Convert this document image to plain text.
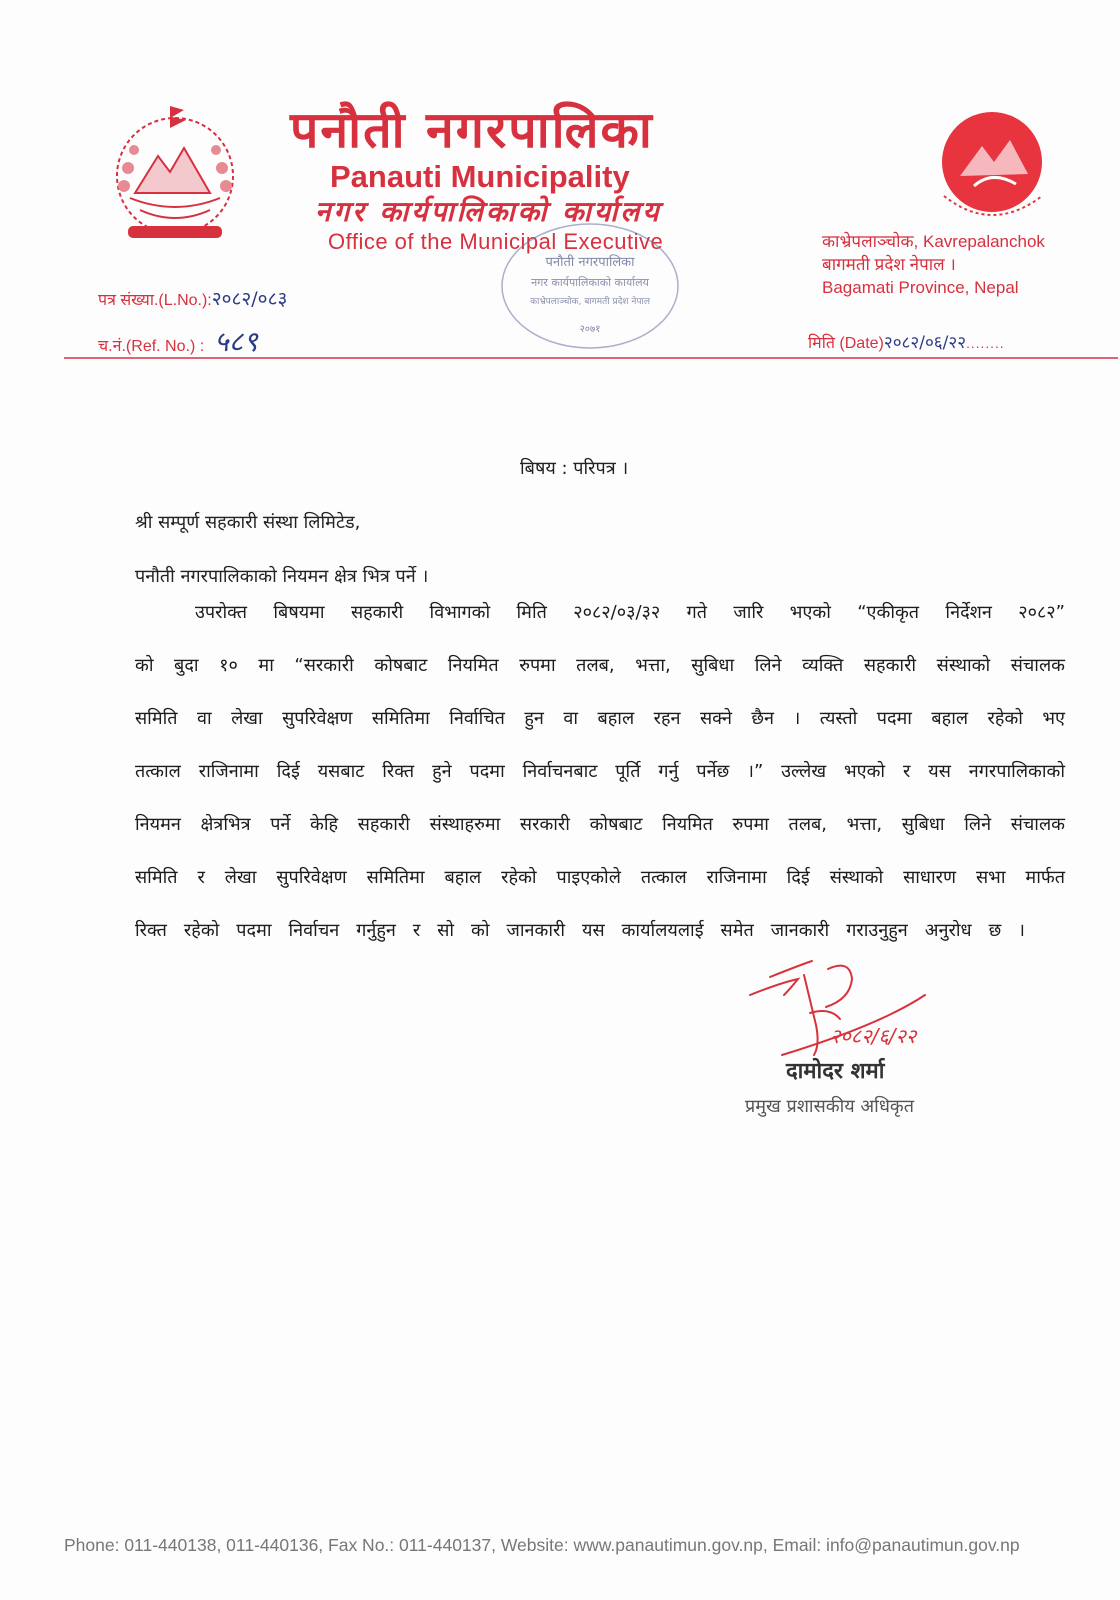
पनौती नगरपालिका
Panauti Municipality
नगर कार्यपालिकाको कार्यालय
Office of the Municipal Executive	काभ्रेपलाञ्चोक, Kavrepalanchok
बागमती प्रदेश नेपाल ।
Bagamati Province, Nepal
पनौती नगरपालिका
नगर कार्यपालिकाको कार्यालय
काभ्रेपलाञ्चोक, बागमती प्रदेश नेपाल
२०७१
पत्र संख्या.(L.No.):२०८२/०८३
च.नं.(Ref. No.) : ५८९	मिति (Date)२०८२/०६/२२........
बिषय : परिपत्र ।
श्री सम्पूर्ण सहकारी संस्था लिमिटेड,
पनौती नगरपालिकाको नियमन क्षेत्र भित्र पर्ने ।
उपरोक्त बिषयमा सहकारी विभागको मिति २०८२/०३/३२ गते जारि भएको “एकीकृत निर्देशन २०८२”
को बुदा १० मा “सरकारी कोषबाट नियमित रुपमा तलब, भत्ता, सुबिधा लिने व्यक्ति सहकारी संस्थाको संचालक
समिति वा लेखा सुपरिवेक्षण समितिमा निर्वाचित हुन वा बहाल रहन सक्ने छैन । त्यस्तो पदमा बहाल रहेको भए
तत्काल राजिनामा दिई यसबाट रिक्त हुने पदमा निर्वाचनबाट पूर्ति गर्नु पर्नेछ ।” उल्लेख भएको र यस नगरपालिकाको
नियमन क्षेत्रभित्र पर्ने केहि सहकारी संस्थाहरुमा सरकारी कोषबाट नियमित रुपमा तलब, भत्ता, सुबिधा लिने संचालक
समिति र लेखा सुपरिवेक्षण समितिमा बहाल रहेको पाइएकोले तत्काल राजिनामा दिई संस्थाको साधारण सभा मार्फत
रिक्त रहेको पदमा निर्वाचन गर्नुहुन र सो को जानकारी यस कार्यालयलाई समेत जानकारी गराउनुहुन अनुरोध छ ।
२०८२/६/२२
दामोदर शर्मा
प्रमुख प्रशासकीय अधिकृत
Phone: 011-440138, 011-440136, Fax No.: 011-440137, Website: www.panautimun.gov.np, Email: info@panautimun.gov.np
